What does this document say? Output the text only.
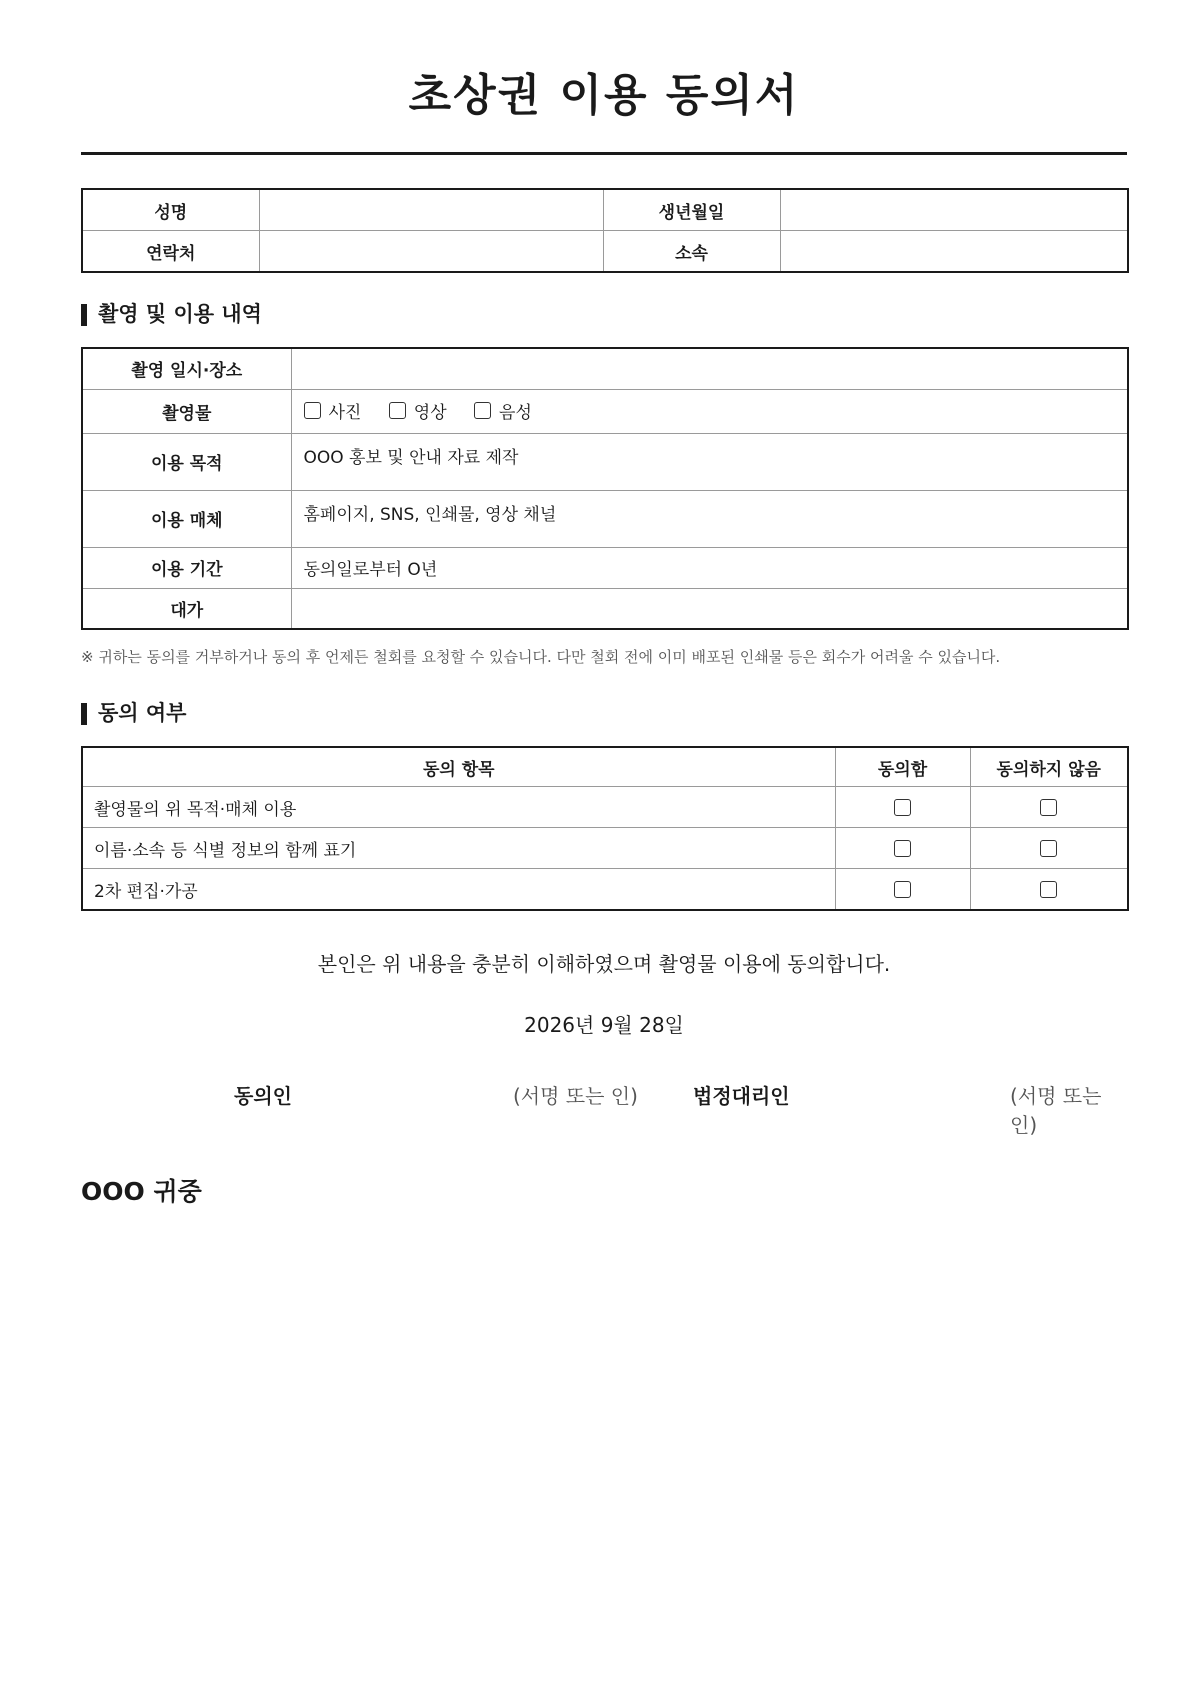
초상권 이용 동의서
성명		생년월일	
연락처		소속	
촬영 및 이용 내역
촬영 일시·장소	
촬영물	사진
영상
음성

이용 목적	OOO 홍보 및 안내 자료 제작
이용 매체	홈페이지, SNS, 인쇄물, 영상 채널
이용 기간	동의일로부터 O년
대가	
※ 귀하는 동의를 거부하거나 동의 후 언제든 철회를 요청할 수 있습니다. 다만 철회 전에 이미 배포된 인쇄물 등은 회수가 어려울 수 있습니다.
동의 여부
동의 항목	동의함	동의하지 않음
촬영물의 위 목적·매체 이용		
이름·소속 등 식별 정보의 함께 표기		
2차 편집·가공		
본인은 위 내용을 충분히 이해하였으며 촬영물 이용에 동의합니다.
2026년 9월 28일
동의인	(서명 또는 인)	법정대리인	(서명 또는 인)
OOO 귀중
